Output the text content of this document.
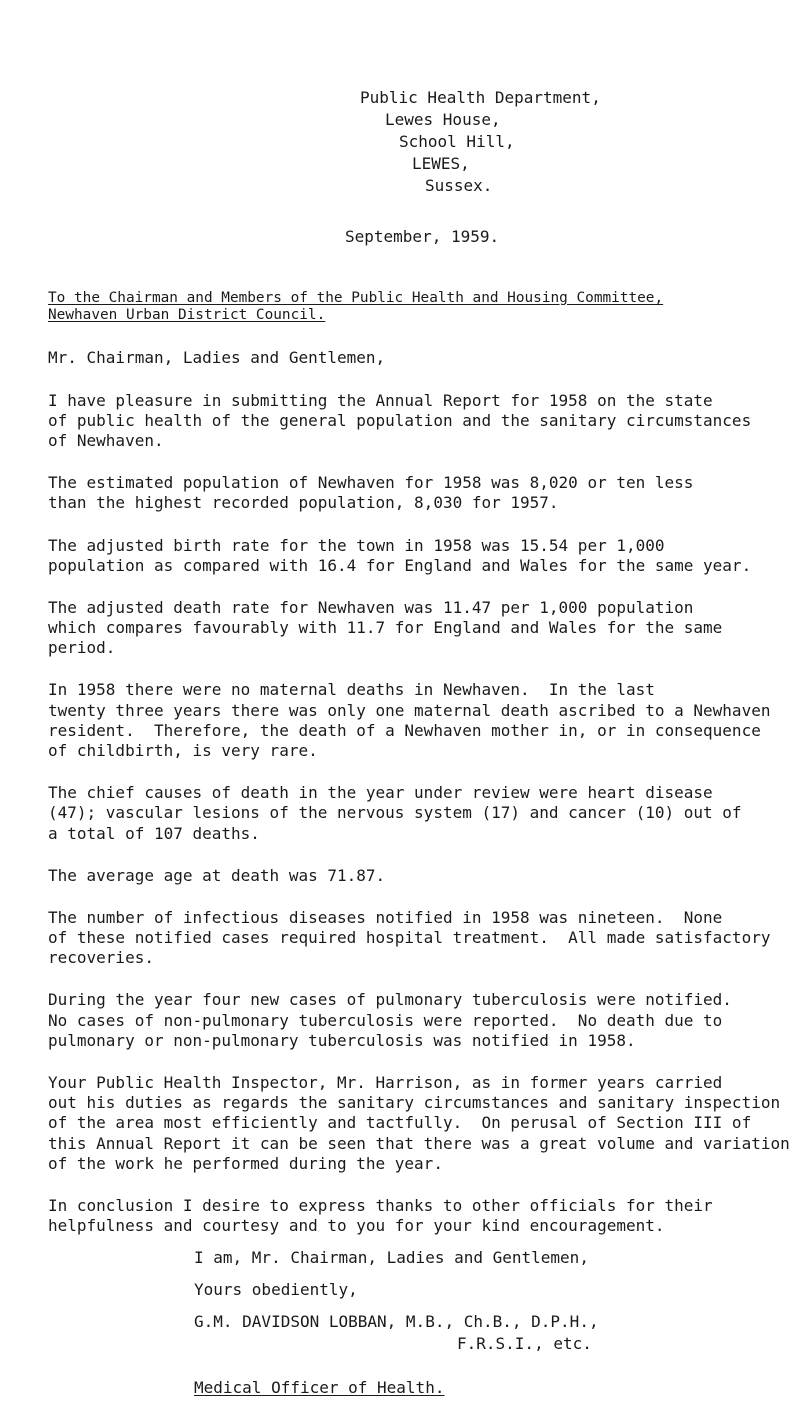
Public Health Department,
Lewes House,
School Hill,
LEWES,
Sussex.
September, 1959.
To the Chairman and Members of the Public Health and Housing Committee,
Newhaven Urban District Council.
Mr. Chairman, Ladies and Gentlemen,
I have pleasure in submitting the Annual Report for 1958 on the state
of public health of the general population and the sanitary circumstances
of Newhaven.
The estimated population of Newhaven for 1958 was 8,020 or ten less
than the highest recorded population, 8,030 for 1957.
The adjusted birth rate for the town in 1958 was 15.54 per 1,000
population as compared with 16.4 for England and Wales for the same year.
The adjusted death rate for Newhaven was 11.47 per 1,000 population
which compares favourably with 11.7 for England and Wales for the same
period.
In 1958 there were no maternal deaths in Newhaven.  In the last
twenty three years there was only one maternal death ascribed to a Newhaven
resident.  Therefore, the death of a Newhaven mother in, or in consequence
of childbirth, is very rare.
The chief causes of death in the year under review were heart disease
(47); vascular lesions of the nervous system (17) and cancer (10) out of
a total of 107 deaths.
The average age at death was 71.87.
The number of infectious diseases notified in 1958 was nineteen.  None
of these notified cases required hospital treatment.  All made satisfactory
recoveries.
During the year four new cases of pulmonary tuberculosis were notified.
No cases of non-pulmonary tuberculosis were reported.  No death due to
pulmonary or non-pulmonary tuberculosis was notified in 1958.
Your Public Health Inspector, Mr. Harrison, as in former years carried
out his duties as regards the sanitary circumstances and sanitary inspection
of the area most efficiently and tactfully.  On perusal of Section III of
this Annual Report it can be seen that there was a great volume and variation
of the work he performed during the year.
In conclusion I desire to express thanks to other officials for their
helpfulness and courtesy and to you for your kind encouragement.
I am, Mr. Chairman, Ladies and Gentlemen,
Yours obediently,
G.M. DAVIDSON LOBBAN, M.B., Ch.B., D.P.H.,
F.R.S.I., etc.
Medical Officer of Health.
